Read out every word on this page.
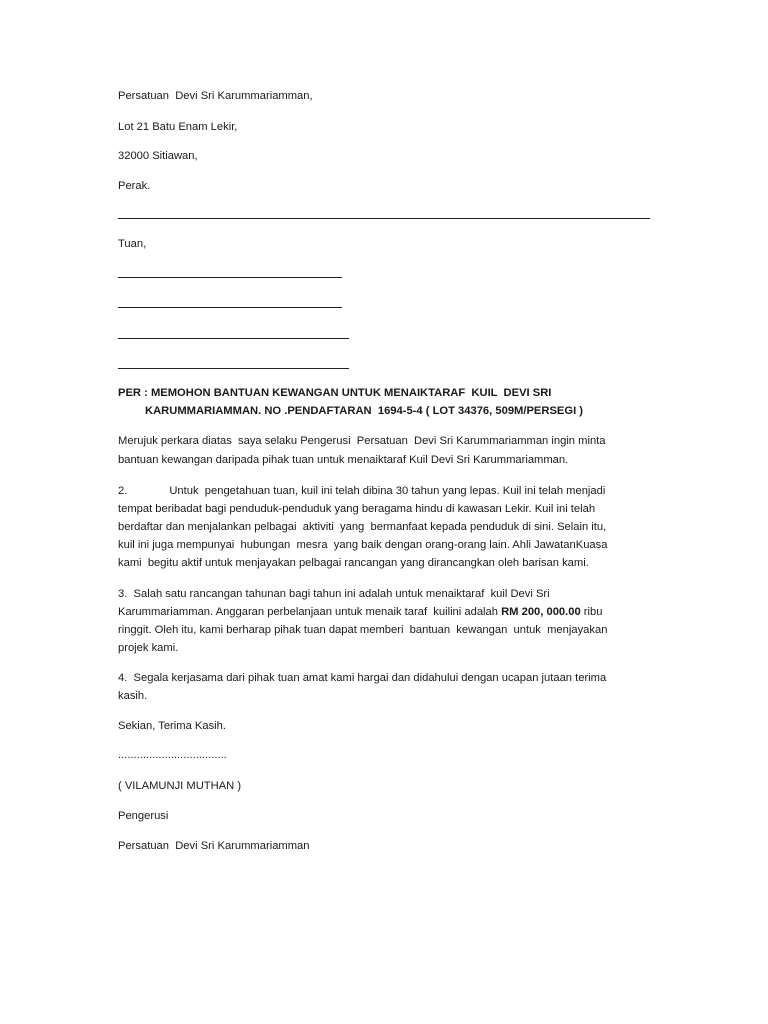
Persatuan  Devi Sri Karummariamman,
Lot 21 Batu Enam Lekir,
32000 Sitiawan,
Perak.
Tuan,
PER : MEMOHON BANTUAN KEWANGAN UNTUK MENAIKTARAF  KUIL  DEVI SRI
KARUMMARIAMMAN. NO .PENDAFTARAN  1694-5-4 ( LOT 34376, 509M/PERSEGI )
Merujuk perkara diatas  saya selaku Pengerusi  Persatuan  Devi Sri Karummariamman ingin minta
bantuan kewangan daripada pihak tuan untuk menaiktaraf Kuil Devi Sri Karummariamman.
2.	Untuk  pengetahuan tuan, kuil ini telah dibina 30 tahun yang lepas. Kuil ini telah menjadi
tempat beribadat bagi penduduk-penduduk yang beragama hindu di kawasan Lekir. Kuil ini telah
berdaftar dan menjalankan pelbagai  aktiviti  yang  bermanfaat kepada penduduk di sini. Selain itu,
kuil ini juga mempunyai  hubungan  mesra  yang baik dengan orang-orang lain. Ahli JawatanKuasa
kami  begitu aktif untuk menjayakan pelbagai rancangan yang dirancangkan oleh barisan kami.
3.  Salah satu rancangan tahunan bagi tahun ini adalah untuk menaiktaraf  kuil Devi Sri
Karummariamman. Anggaran perbelanjaan untuk menaik taraf  kuilini adalah RM 200, 000.00 ribu
ringgit. Oleh itu, kami berharap pihak tuan dapat memberi  bantuan  kewangan  untuk  menjayakan
projek kami.
4.  Segala kerjasama dari pihak tuan amat kami hargai dan didahului dengan ucapan jutaan terima
kasih.
Sekian, Terima Kasih.
...................................
( VILAMUNJI MUTHAN )
Pengerusi
Persatuan  Devi Sri Karummariamman
